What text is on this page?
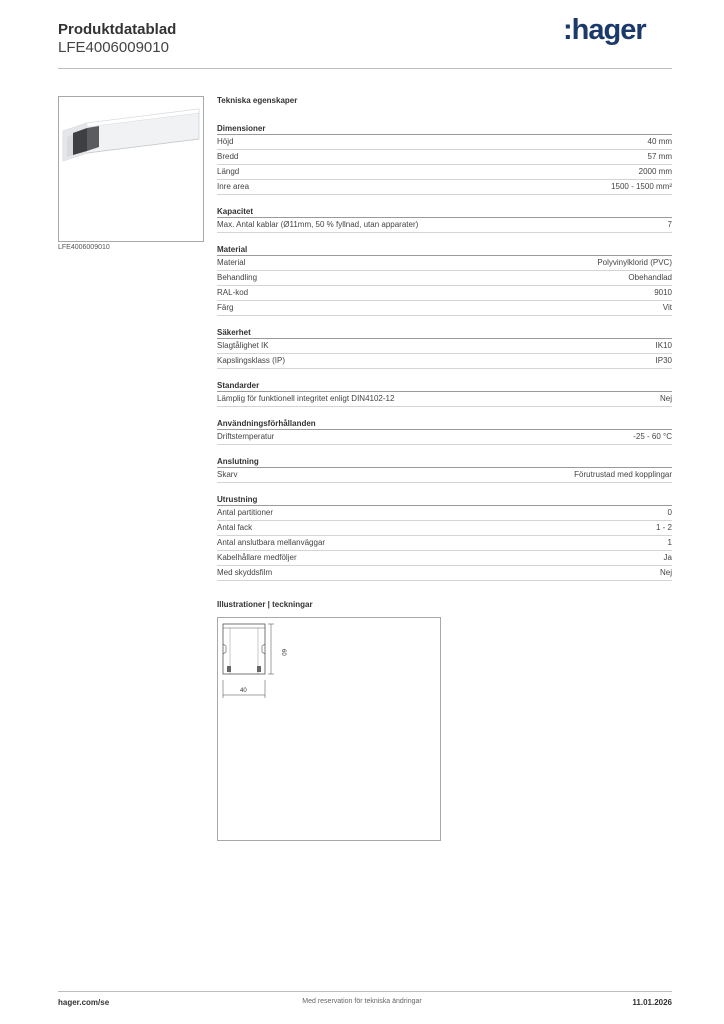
Produktdatablad
LFE4006009010
:hager
LFE4006009010
Tekniska egenskaper
Dimensioner
Höjd	40 mm
Bredd	57 mm
Längd	2000 mm
Inre area	1500 - 1500 mm²
Kapacitet
Max. Antal kablar (Ø11mm, 50 % fyllnad, utan apparater)	7
Material
Material	Polyvinylklorid (PVC)
Behandling	Obehandlad
RAL-kod	9010
Färg	Vit
Säkerhet
Slagtålighet IK	IK10
Kapslingsklass (IP)	IP30
Standarder
Lämplig för funktionell integritet enligt DIN4102-12	Nej
Användningsförhållanden
Driftstemperatur	-25 - 60 °C
Anslutning
Skarv	Förutrustad med kopplingar
Utrustning
Antal partitioner	0
Antal fack	1 - 2
Antal anslutbara mellanväggar	1
Kabelhållare medföljer	Ja
Med skyddsfilm	Nej
Illustrationer | teckningar
60
40
hager.com/se	Med reservation för tekniska ändringar	11.01.2026
